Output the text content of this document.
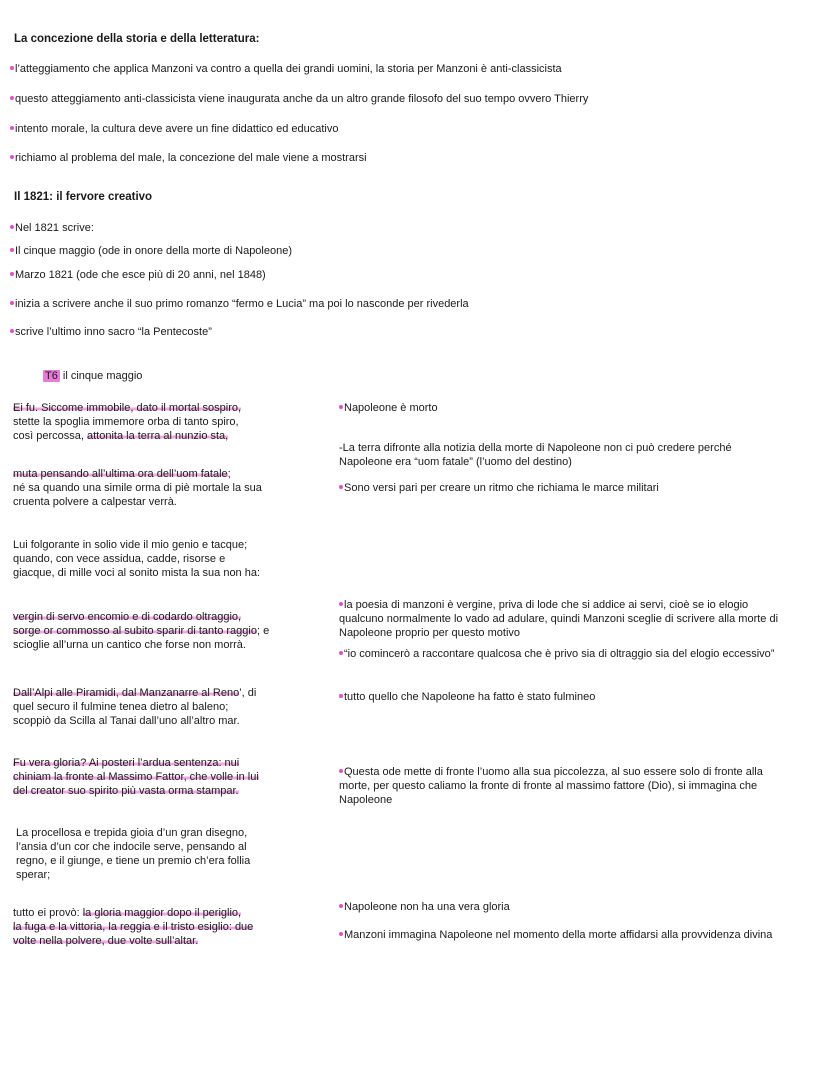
La concezione della storia e della letteratura:
l’atteggiamento che applica Manzoni va contro a quella dei grandi uomini, la storia per Manzoni è anti-classicista
questo atteggiamento anti-classicista viene inaugurata anche da un altro grande filosofo del suo tempo ovvero Thierry
intento morale, la cultura deve avere un fine didattico ed educativo
richiamo al problema del male, la concezione del male viene a mostrarsi
Il 1821: il fervore creativo
Nel 1821 scrive:
Il cinque maggio (ode in onore della morte di Napoleone)
Marzo 1821 (ode che esce più di 20 anni, nel 1848)
inizia a scrivere anche il suo primo romanzo “fermo e Lucia” ma poi lo nasconde per rivederla
scrive l’ultimo inno sacro “la Pentecoste”
T6 il cinque maggio
Ei fu. Siccome immobile, dato il mortal sospiro,
stette la spoglia immemore orba di tanto spiro,
così percossa, attonita la terra al nunzio sta,
muta pensando all’ultima ora dell’uom fatale;
né sa quando una simile orma di piè mortale la sua
cruenta polvere a calpestar verrà.
Lui folgorante in solio vide il mio genio e tacque;
quando, con vece assidua, cadde, risorse e
giacque, di mille voci al sonito mista la sua non ha:
vergin di servo encomio e di codardo oltraggio,
sorge or commosso al subito sparir di tanto raggio; e
scioglie all’urna un cantico che forse non morrà.
Dall’Alpi alle Piramidi, dal Manzanarre al Reno’, di
quel securo il fulmine tenea dietro al baleno;
scoppiò da Scilla al Tanai dall’uno all’altro mar.
Fu vera gloria? Ai posteri l’ardua sentenza: nui
chiniam la fronte al Massimo Fattor, che volle in lui
del creator suo spirito più vasta orma stampar.
La procellosa e trepida gioia d’un gran disegno,
l’ansia d’un cor che indocile serve, pensando al
regno, e il giunge, e tiene un premio ch’era follia
sperar;
tutto ei provò: la gloria maggior dopo il periglio,
la fuga e la vittoria, la reggia e il tristo esiglio: due
volte nella polvere, due volte sull’altar.
Napoleone è morto
-La terra difronte alla notizia della morte di Napoleone non ci può credere perché
Napoleone era “uom fatale” (l’uomo del destino)
Sono versi pari per creare un ritmo che richiama le marce militari
la poesia di manzoni è vergine, priva di lode che si addice ai servi, cioè se io elogio
qualcuno normalmente lo vado ad adulare, quindi Manzoni sceglie di scrivere alla morte di
Napoleone proprio per questo motivo
“io comincerò a raccontare qualcosa che è privo sia di oltraggio sia del elogio eccessivo”
tutto quello che Napoleone ha fatto è stato fulmineo
Questa ode mette di fronte l’uomo alla sua piccolezza, al suo essere solo di fronte alla
morte, per questo caliamo la fronte di fronte al massimo fattore (Dio), si immagina che
Napoleone
Napoleone non ha una vera gloria
Manzoni immagina Napoleone nel momento della morte affidarsi alla provvidenza divina
